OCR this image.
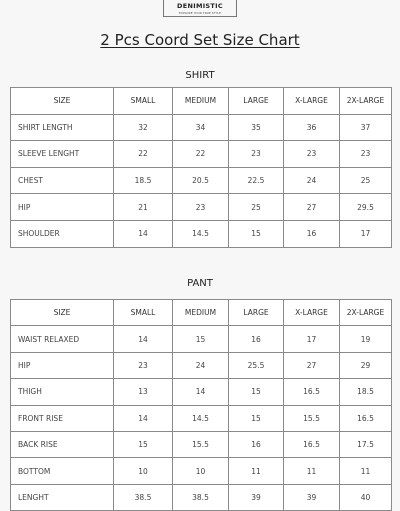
DENIMISTIC
EXPLORE YOUR TRUE STYLE
2 Pcs Coord Set Size Chart
SHIRT
SIZE	SMALL	MEDIUM	LARGE	X-LARGE	2X-LARGE
SHIRT LENGTH	32	34	35	36	37
SLEEVE LENGHT	22	22	23	23	23
CHEST	18.5	20.5	22.5	24	25
HIP	21	23	25	27	29.5
SHOULDER	14	14.5	15	16	17
PANT
SIZE	SMALL	MEDIUM	LARGE	X-LARGE	2X-LARGE
WAIST RELAXED	14	15	16	17	19
HIP	23	24	25.5	27	29
THIGH	13	14	15	16.5	18.5
FRONT RISE	14	14.5	15	15.5	16.5
BACK RISE	15	15.5	16	16.5	17.5
BOTTOM	10	10	11	11	11
LENGHT	38.5	38.5	39	39	40
